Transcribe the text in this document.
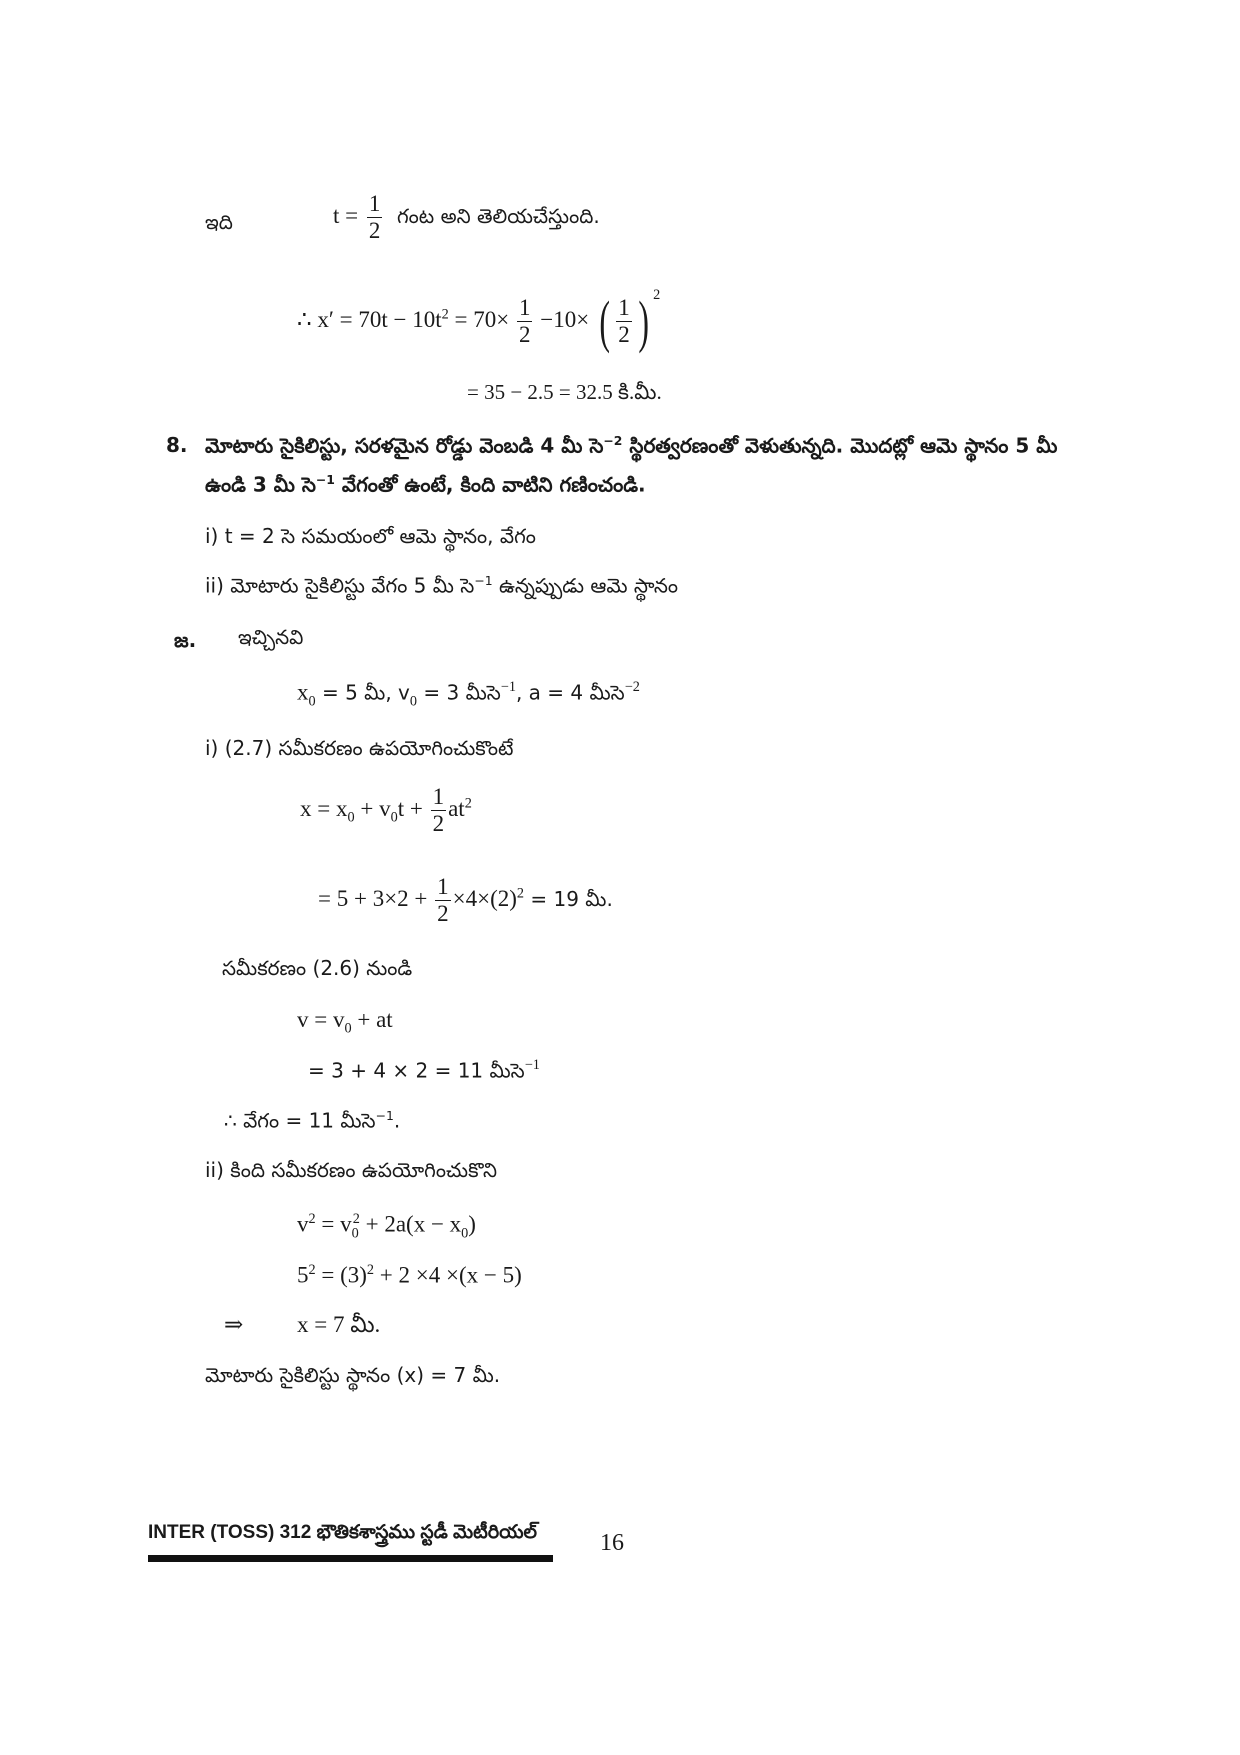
ఇది	$t = \frac{1}{2}$ గంట అని తెలియచేస్తుంది.
∴ $x' = 70t - 10t^2 = 70\times \frac{1}{2} -10\times$ ( $\frac{1}{2}$ ) $^2$
= 35 − 2.5 = 32.5 కి.మీ.
8. మోటారు సైకిలిస్టు, సరళమైన రోడ్డు వెంబడి 4 మీ సె$^{-2}$ స్థిరత్వరణంతో వెళుతున్నది. మొదట్లో ఆమె స్థానం 5 మీ
ఉండి 3 మీ సె$^{-1}$ వేగంతో ఉంటే, కింది వాటిని గణించండి.
i) t = 2 సె సమయంలో ఆమె స్థానం, వేగం
ii) మోటారు సైకిలిస్టు వేగం 5 మీ సె$^{-1}$ ఉన్నప్పుడు ఆమె స్థానం
జ. ఇచ్చినవి
$x_0 = 5$ మీ, $v_0 = 3$ మీసె$^{-1}$, a = 4 మీసె$^{-2}$
i) (2.7) సమీకరణం ఉపయోగించుకొంటే
$x = x_0 + v_0t + \frac{1}{2} at^2$
= $5 + 3\times 2 + \frac{1}{2} \times 4\times(2)^2 = 19$ మీ.
సమీకరణం (2.6) నుండి
$v = v_0$ + at
= 3 + 4 × 2 = 11 మీసె$^{-1}$
∴ వేగం = 11 మీసె$^{-1}$.
ii) కింది సమీకరణం ఉపయోగించుకొని
$v^2 = v_0^2 + 2a(x - x_0)$
$5^2 = (3)^2 + 2 \times 4 \times(x - 5)$
⇒ x = 7 మీ.
మోటారు సైకిలిస్టు స్థానం (x) = 7 మీ.
INTER (TOSS) 312 భౌతికశాస్త్రము స్టడీ మెటీరియల్	16
